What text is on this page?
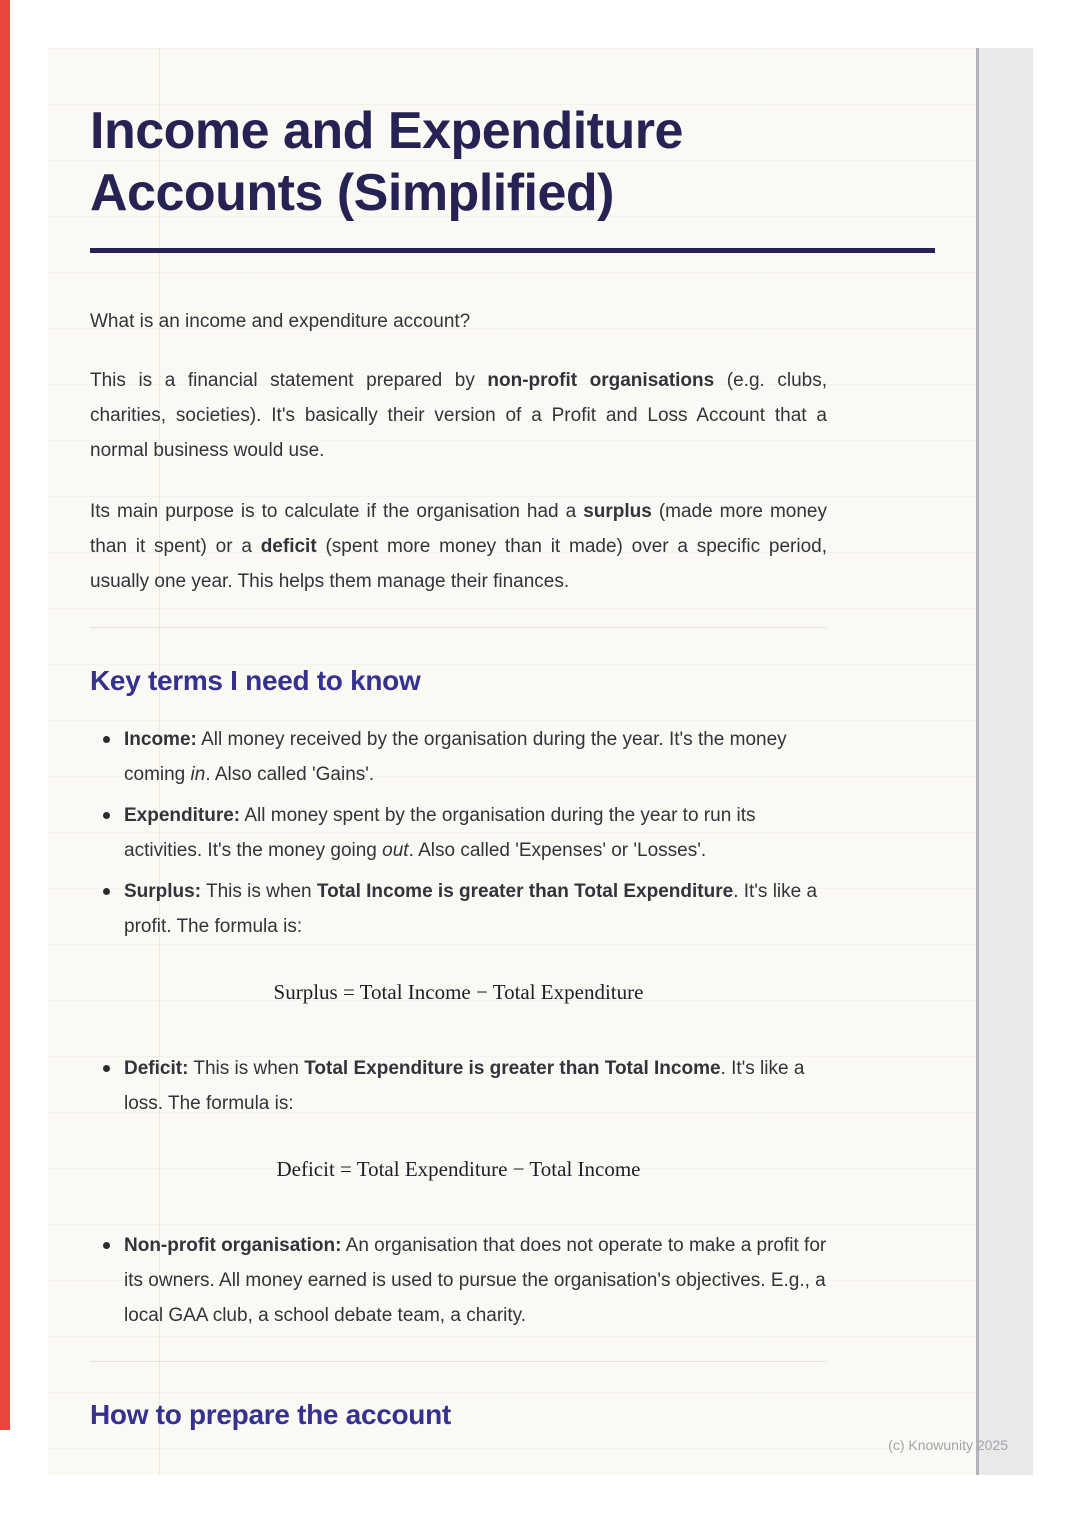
Income and Expenditure
Accounts (Simplified)

What is an income and expenditure account?

This is a financial statement prepared by non-profit organisations (e.g. clubs, charities, societies). It's basically their version of a Profit and Loss Account that a normal business would use.

Its main purpose is to calculate if the organisation had a surplus (made more money than it spent) or a deficit (spent more money than it made) over a specific period, usually one year. This helps them manage their finances.

Key terms I need to know
Income: All money received by the organisation during the year. It's the money coming in. Also called 'Gains'.
Expenditure: All money spent by the organisation during the year to run its activities. It's the money going out. Also called 'Expenses' or 'Losses'.
Surplus: This is when Total Income is greater than Total Expenditure. It's like a profit. The formula is:
Surplus = Total Income − Total Expenditure
Deficit: This is when Total Expenditure is greater than Total Income. It's like a loss. The formula is:
Deficit = Total Expenditure − Total Income
Non-profit organisation: An organisation that does not operate to make a profit for its owners. All money earned is used to pursue the organisation's objectives. E.g., a local GAA club, a school debate team, a charity.
How to prepare the account
(c) Knowunity 2025
